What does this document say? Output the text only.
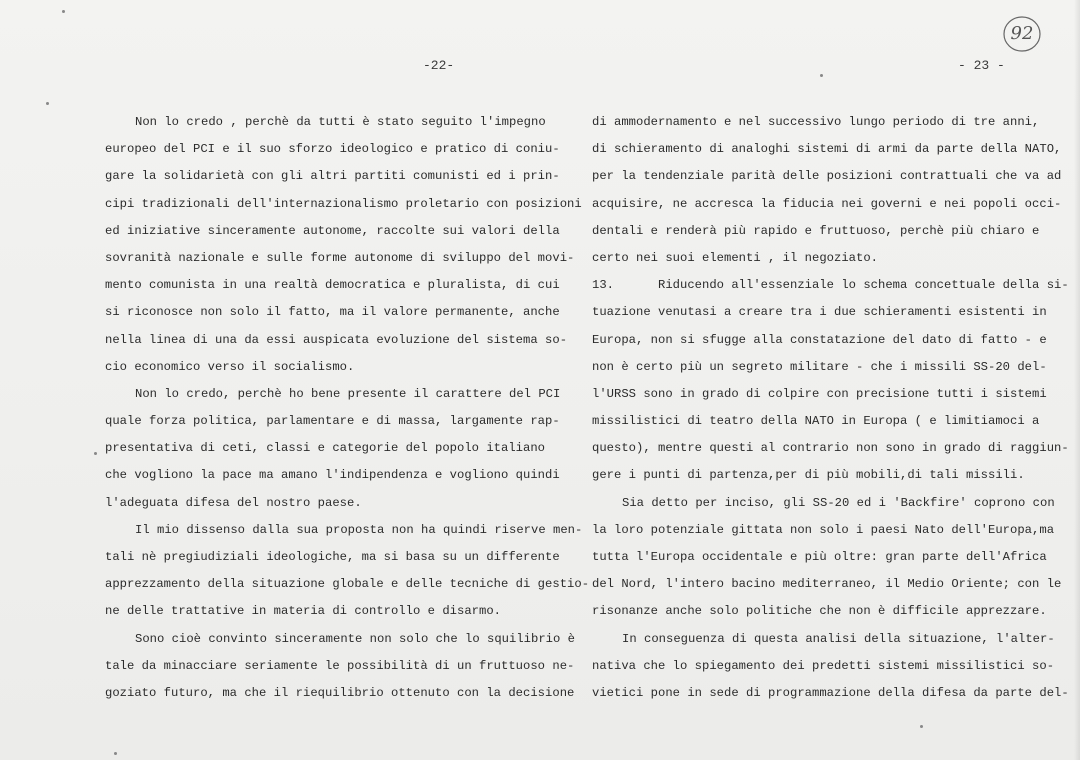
-22-	- 23 -
92
Non lo credo , perchè da tutti è stato seguito l'impegno
europeo del PCI e il suo sforzo ideologico e pratico di coniu-
gare la solidarietà con gli altri partiti comunisti ed i prin-
cipi tradizionali dell'internazionalismo proletario con posizioni
ed iniziative sinceramente autonome, raccolte sui valori della
sovranità nazionale e sulle forme autonome di sviluppo del movi-
mento comunista in una realtà democratica e pluralista, di cui
si riconosce non solo il fatto, ma il valore permanente, anche
nella linea di una da essi auspicata evoluzione del sistema so-
cio economico verso il socialismo.
Non lo credo, perchè ho bene presente il carattere del PCI
quale forza politica, parlamentare e di massa, largamente rap-
presentativa di ceti, classi e categorie del popolo italiano
che vogliono la pace ma amano l'indipendenza e vogliono quindi
l'adeguata difesa del nostro paese.
Il mio dissenso dalla sua proposta non ha quindi riserve men-
tali nè pregiudiziali ideologiche, ma si basa su un differente
apprezzamento della situazione globale e delle tecniche di gestio-
ne delle trattative in materia di controllo e disarmo.
Sono cioè convinto sinceramente non solo che lo squilibrio è
tale da minacciare seriamente le possibilità di un fruttuoso ne-
goziato futuro, ma che il riequilibrio ottenuto con la decisione
di ammodernamento e nel successivo lungo periodo di tre anni,
di schieramento di analoghi sistemi di armi da parte della NATO,
per la tendenziale parità delle posizioni contrattuali che va ad
acquisire, ne accresca la fiducia nei governi e nei popoli occi-
dentali e renderà più rapido e fruttuoso, perchè più chiaro e
certo nei suoi elementi , il negoziato.
13.      Riducendo all'essenziale lo schema concettuale della si-
tuazione venutasi a creare tra i due schieramenti esistenti in
Europa, non si sfugge alla constatazione del dato di fatto - e
non è certo più un segreto militare - che i missili SS-20 del-
l'URSS sono in grado di colpire con precisione tutti i sistemi
missilistici di teatro della NATO in Europa ( e limitiamoci a
questo), mentre questi al contrario non sono in grado di raggiun-
gere i punti di partenza,per di più mobili,di tali missili.
Sia detto per inciso, gli SS-20 ed i 'Backfire' coprono con
la loro potenziale gittata non solo i paesi Nato dell'Europa,ma
tutta l'Europa occidentale e più oltre: gran parte dell'Africa
del Nord, l'intero bacino mediterraneo, il Medio Oriente; con le
risonanze anche solo politiche che non è difficile apprezzare.
In conseguenza di questa analisi della situazione, l'alter-
nativa che lo spiegamento dei predetti sistemi missilistici so-
vietici pone in sede di programmazione della difesa da parte del-
